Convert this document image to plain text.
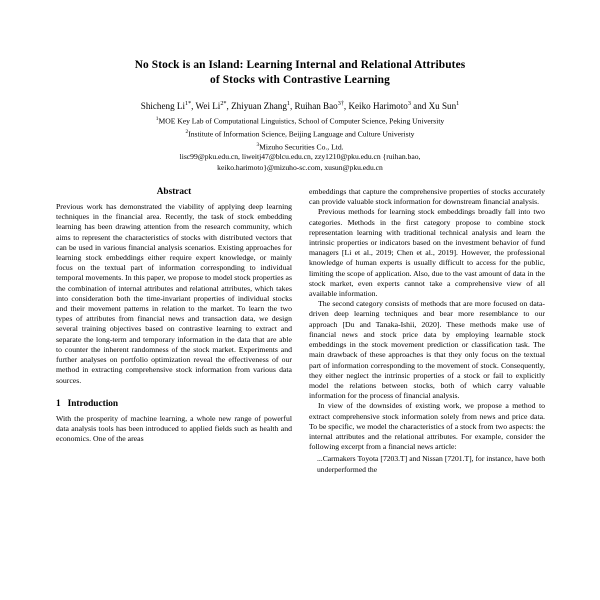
No Stock is an Island: Learning Internal and Relational Attributes
of Stocks with Contrastive Learning
Shicheng $Li^{1*}$, Wei $Li^{2*}$, Zhiyuan Zhang$^1$, Ruihan Bao$^{3\dagger}$, Keiko Harimoto$^3$ and Xu Sun$^1$
$^1$MOE Key Lab of Computational Linguistics, School of Computer Science, Peking University
$^2$Institute of Information Science, Beijing Language and Culture Univeristy
$^3$Mizuho Securities Co., Ltd.
lisc99@pku.edu.cn, liweitj47@blcu.edu.cn, zzy1210@pku.edu.cn {ruihan.bao,
keiko.harimoto}@mizuho-sc.com, xusun@pku.edu.cn
Abstract

Previous work has demonstrated the viability of applying deep learning techniques in the financial area. Recently, the task of stock embedding learning has been drawing attention from the research community, which aims to represent the characteristics of stocks with distributed vectors that can be used in various financial analysis scenarios. Existing approaches for learning stock embeddings either require expert knowledge, or mainly focus on the textual part of information corresponding to individual temporal movements. In this paper, we propose to model stock properties as the combination of internal attributes and relational attributes, which takes into consideration both the time-invariant properties of individual stocks and their movement patterns in relation to the market. To learn the two types of attributes from financial news and transaction data, we design several training objectives based on contrastive learning to extract and separate the long-term and temporary information in the data that are able to counter the inherent randomness of the stock market. Experiments and further analyses on portfolio optimization reveal the effectiveness of our method in extracting comprehensive stock information from various data sources.

1 Introduction

With the prosperity of machine learning, a whole new range of powerful data analysis tools has been introduced to applied fields such as health and economics. One of the areas

embeddings that capture the comprehensive properties of stocks accurately can provide valuable stock information for downstream financial analysis.

Previous methods for learning stock embeddings broadly fall into two categories. Methods in the first category propose to combine stock representation learning with traditional technical analysis and learn the intrinsic properties or indicators based on the investment behavior of fund managers [Li et al., 2019; Chen et al., 2019]. However, the professional knowledge of human experts is usually difficult to access for the public, limiting the scope of application. Also, due to the vast amount of data in the stock market, even experts cannot take a comprehensive view of all available information.

The second category consists of methods that are more focused on data-driven deep learning techniques and bear more resemblance to our approach [Du and Tanaka-Ishii, 2020]. These methods make use of financial news and stock price data by employing learnable stock embeddings in the stock movement prediction or classification task. The main drawback of these approaches is that they only focus on the textual part of information corresponding to the movement of stock. Consequently, they either neglect the intrinsic properties of a stock or fail to explicitly model the relations between stocks, both of which carry valuable information for the process of financial analysis.

In view of the downsides of existing work, we propose a method to extract comprehensive stock information solely from news and price data. To be specific, we model the characteristics of a stock from two aspects: the internal attributes and the relational attributes. For example, consider the following excerpt from a financial news article:

...Carmakers Toyota [7203.T] and Nissan [7201.T], for instance, have both underperformed the
